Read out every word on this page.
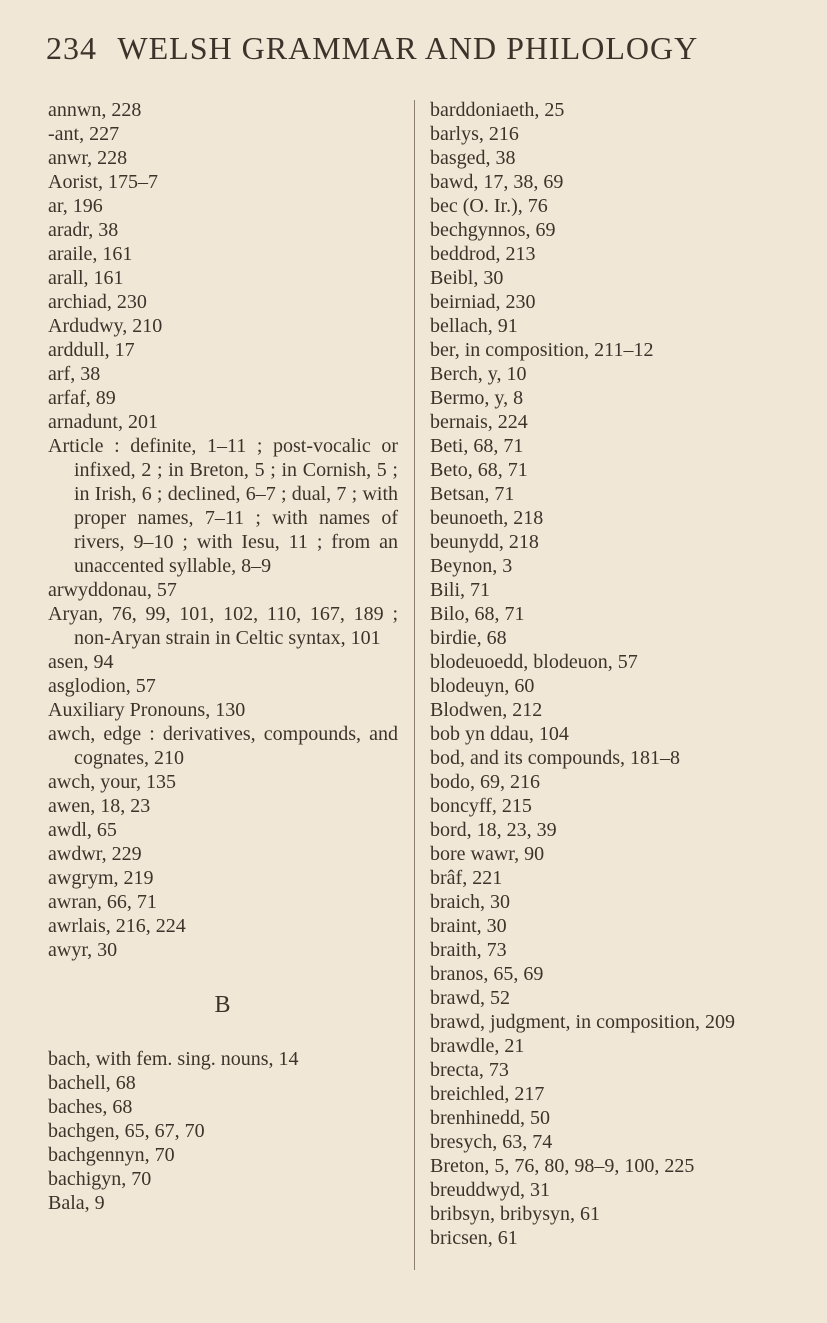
234 WELSH GRAMMAR AND PHILOLOGY

annwn, 228

-ant, 227

anwr, 228

Aorist, 175–7

ar, 196

aradr, 38

araile, 161

arall, 161

archiad, 230

Ardudwy, 210

arddull, 17

arf, 38

arfaf, 89

arnadunt, 201

Article : definite, 1–11 ; post-vocalic or infixed, 2 ; in Breton, 5 ; in Cornish, 5 ; in Irish, 6 ; declined, 6–7 ; dual, 7 ; with proper names, 7–11 ; with names of rivers, 9–10 ; with Iesu, 11 ; from an unaccented syllable, 8–9

arwyddonau, 57

Aryan, 76, 99, 101, 102, 110, 167, 189 ; non-Aryan strain in Celtic syntax, 101

asen, 94

asglodion, 57

Auxiliary Pronouns, 130

awch, edge : derivatives, compounds, and cognates, 210

awch, your, 135

awen, 18, 23

awdl, 65

awdwr, 229

awgrym, 219

awran, 66, 71

awrlais, 216, 224

awyr, 30

B

bach, with fem. sing. nouns, 14

bachell, 68

baches, 68

bachgen, 65, 67, 70

bachgennyn, 70

bachigyn, 70

Bala, 9

barddoniaeth, 25

barlys, 216

basged, 38

bawd, 17, 38, 69

bec (O. Ir.), 76

bechgynnos, 69

beddrod, 213

Beibl, 30

beirniad, 230

bellach, 91

ber, in composition, 211–12

Berch, y, 10

Bermo, y, 8

bernais, 224

Beti, 68, 71

Beto, 68, 71

Betsan, 71

beunoeth, 218

beunydd, 218

Beynon, 3

Bili, 71

Bilo, 68, 71

birdie, 68

blodeuoedd, blodeuon, 57

blodeuyn, 60

Blodwen, 212

bob yn ddau, 104

bod, and its compounds, 181–8

bodo, 69, 216

boncyff, 215

bord, 18, 23, 39

bore wawr, 90

brâf, 221

braich, 30

braint, 30

braith, 73

branos, 65, 69

brawd, 52

brawd, judgment, in composition, 209

brawdle, 21

brecta, 73

breichled, 217

brenhinedd, 50

bresych, 63, 74

Breton, 5, 76, 80, 98–9, 100, 225

breuddwyd, 31

bribsyn, bribysyn, 61

bricsen, 61
